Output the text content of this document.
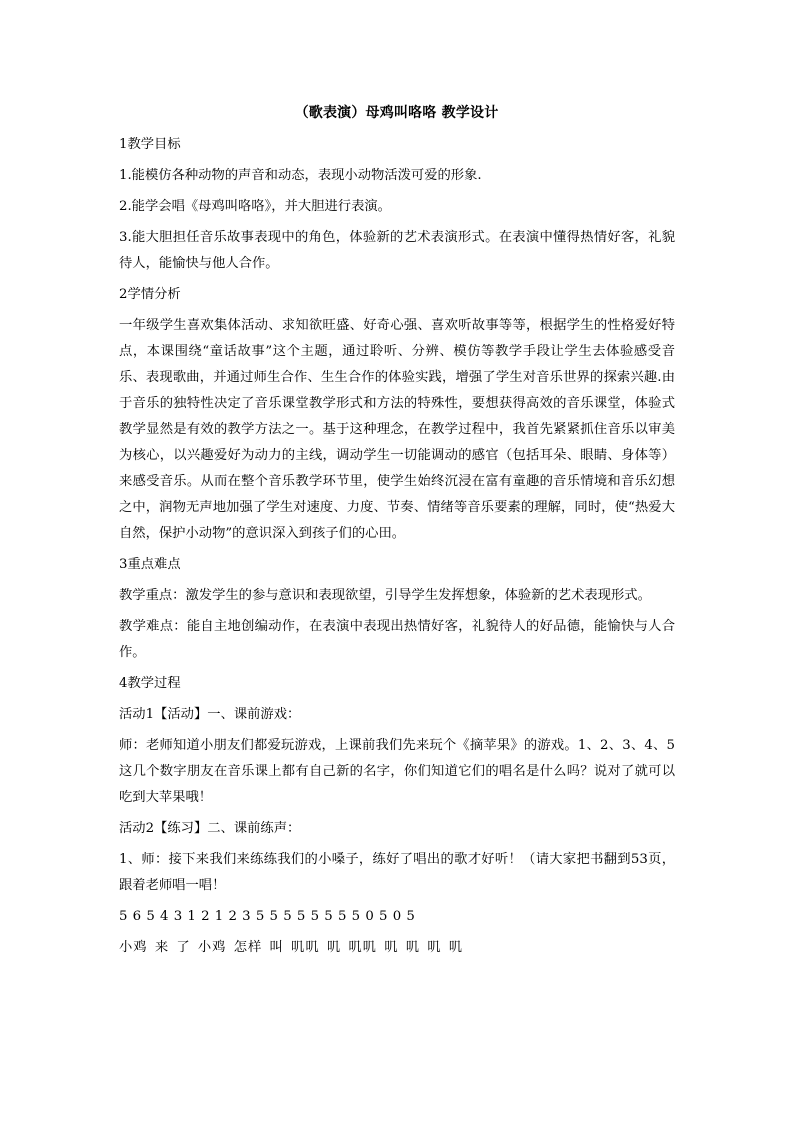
（歌表演）母鸡叫咯咯 教学设计

1教学目标

1.能模仿各种动物的声音和动态，表现小动物活泼可爱的形象.

2.能学会唱《母鸡叫咯咯》，并大胆进行表演。

3.能大胆担任音乐故事表现中的角色，体验新的艺术表演形式。在表演中懂得热情好客，礼貌待人，能愉快与他人合作。

2学情分析

一年级学生喜欢集体活动、求知欲旺盛、好奇心强、喜欢听故事等等，根据学生的性格爱好特点，本课围绕“童话故事”这个主题，通过聆听、分辨、模仿等教学手段让学生去体验感受音乐、表现歌曲，并通过师生合作、生生合作的体验实践，增强了学生对音乐世界的探索兴趣.由于音乐的独特性决定了音乐课堂教学形式和方法的特殊性，要想获得高效的音乐课堂，体验式教学显然是有效的教学方法之一。基于这种理念，在教学过程中，我首先紧紧抓住音乐以审美为核心，以兴趣爱好为动力的主线，调动学生一切能调动的感官（包括耳朵、眼睛、身体等）来感受音乐。从而在整个音乐教学环节里，使学生始终沉浸在富有童趣的音乐情境和音乐幻想之中，润物无声地加强了学生对速度、力度、节奏、情绪等音乐要素的理解，同时，使“热爱大自然，保护小动物”的意识深入到孩子们的心田。

3重点难点

教学重点：激发学生的参与意识和表现欲望，引导学生发挥想象，体验新的艺术表现形式。

教学难点：能自主地创编动作，在表演中表现出热情好客，礼貌待人的好品德，能愉快与人合作。

4教学过程

活动1【活动】一、课前游戏：

师：老师知道小朋友们都爱玩游戏，上课前我们先来玩个《摘苹果》的游戏。1、2、3、4、5这几个数字朋友在音乐课上都有自己新的名字，你们知道它们的唱名是什么吗？说对了就可以吃到大苹果哦！

活动2【练习】二、课前练声：

1、师：接下来我们来练练我们的小嗓子，练好了唱出的歌才好听！（请大家把书翻到53页，跟着老师唱一唱！

5 6 5 4 3 1 2 1 2 3 5 5 5 5 5 5 5 5 0 5 0 5

小鸡 来 了 小鸡 怎样 叫 叽叽 叽 叽叽 叽 叽 叽 叽
